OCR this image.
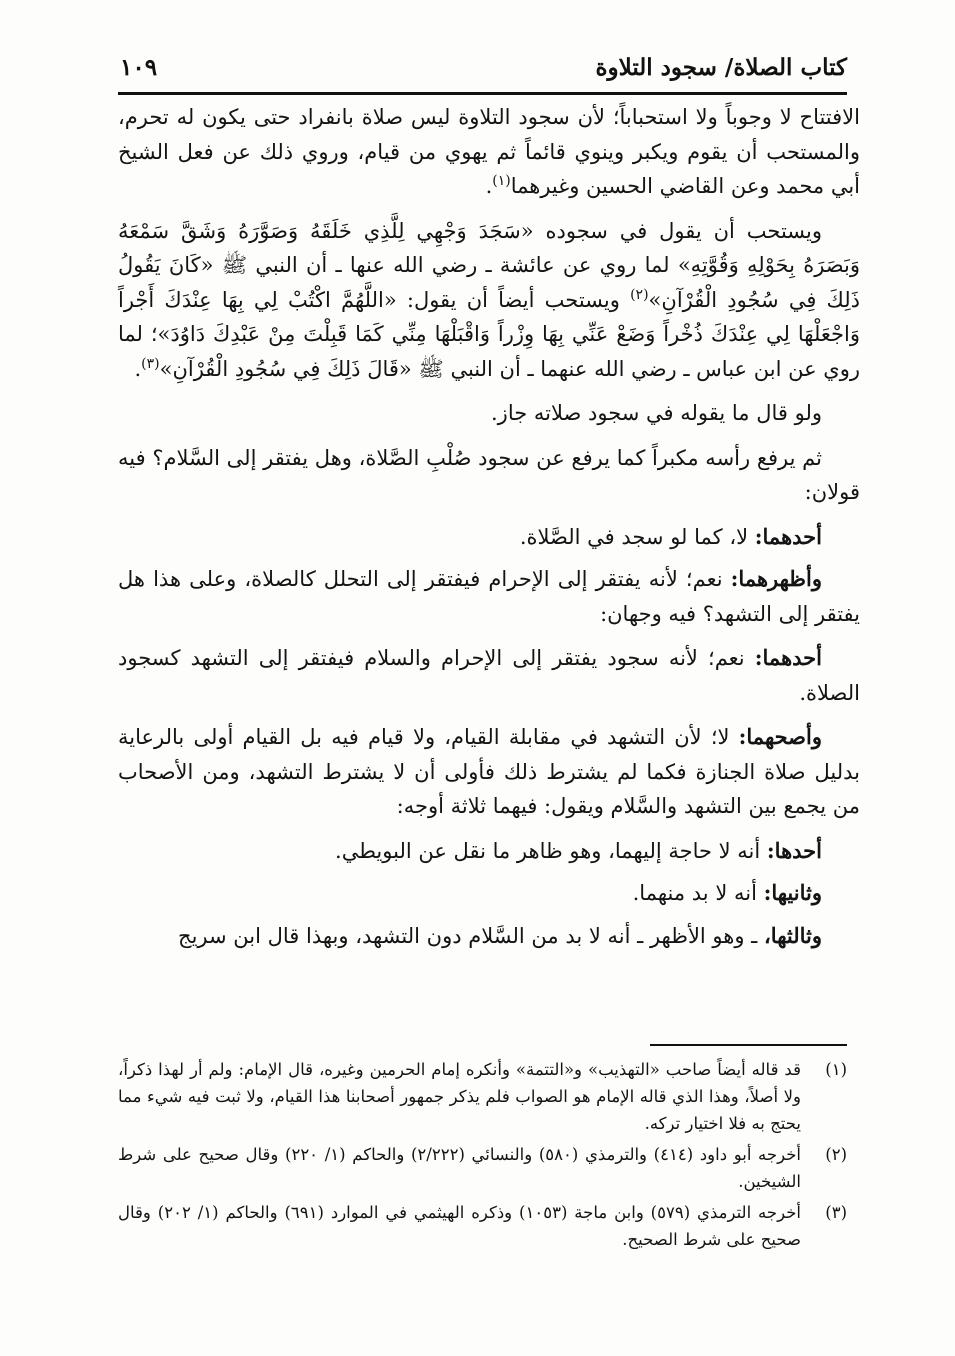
كتاب الصلاة/ سجود التلاوة
١٠٩

الافتتاح لا وجوباً ولا استحباباً؛ لأن سجود التلاوة ليس صلاة بانفراد حتى يكون له تحرم، والمستحب أن يقوم ويكبر وينوي قائماً ثم يهوي من قيام، وروي ذلك عن فعل الشيخ أبي محمد وعن القاضي الحسين وغيرهما$^{(١)}$.

ويستحب أن يقول في سجوده «سَجَدَ وَجْهِي لِلَّذِي خَلَقَهُ وَصَوَّرَهُ وَشَقَّ سَمْعَهُ وَبَصَرَهُ بِحَوْلِهِ وَقُوَّتِهِ» لما روي عن عائشة ـ رضي الله عنها ـ أن النبي ﷺ «كَانَ يَقُولُ ذَلِكَ فِي سُجُودِ الْقُرْآنِ»$^{(٢)}$ ويستحب أيضاً أن يقول: «اللَّهُمَّ اكْتُبْ لِي بِهَا عِنْدَكَ أَجْراً وَاجْعَلْهَا لِي عِنْدَكَ ذُخْراً وَضَعْ عَنِّي بِهَا وِزْراً وَاقْبَلْهَا مِنِّي كَمَا قَبِلْتَ مِنْ عَبْدِكَ دَاوُدَ»؛ لما روي عن ابن عباس ـ رضي الله عنهما ـ أن النبي ﷺ «قَالَ ذَلِكَ فِي سُجُودِ الْقُرْآنِ»$^{(٣)}$.

ولو قال ما يقوله في سجود صلاته جاز.

ثم يرفع رأسه مكبراً كما يرفع عن سجود صُلْبِ الصَّلاة، وهل يفتقر إلى السَّلام؟ فيه قولان:

أحدهما: لا، كما لو سجد في الصَّلاة.

وأظهرهما: نعم؛ لأنه يفتقر إلى الإحرام فيفتقر إلى التحلل كالصلاة، وعلى هذا هل يفتقر إلى التشهد؟ فيه وجهان:

أحدهما: نعم؛ لأنه سجود يفتقر إلى الإحرام والسلام فيفتقر إلى التشهد كسجود الصلاة.

وأصحهما: لا؛ لأن التشهد في مقابلة القيام، ولا قيام فيه بل القيام أولى بالرعاية بدليل صلاة الجنازة فكما لم يشترط ذلك فأولى أن لا يشترط التشهد، ومن الأصحاب من يجمع بين التشهد والسَّلام ويقول: فيهما ثلاثة أوجه:

أحدها: أنه لا حاجة إليهما، وهو ظاهر ما نقل عن البويطي.

وثانيها: أنه لا بد منهما.

وثالثها، ـ وهو الأظهر ـ أنه لا بد من السَّلام دون التشهد، وبهذا قال ابن سريج

(١)
قد قاله أيضاً صاحب «التهذيب» و«التتمة» وأنكره إمام الحرمين وغيره، قال الإمام: ولم أر لهذا ذكراً، ولا أصلاً، وهذا الذي قاله الإمام هو الصواب فلم يذكر جمهور أصحابنا هذا القيام، ولا ثبت فيه شيء مما يحتج به فلا اختيار تركه.
(٢)
أخرجه أبو داود (٤١٤) والترمذي (٥٨٠) والنسائي (٢/٢٢٢) والحاكم (١/ ٢٢٠) وقال صحيح على شرط الشيخين.
(٣)
أخرجه الترمذي (٥٧٩) وابن ماجة (١٠٥٣) وذكره الهيثمي في الموارد (٦٩١) والحاكم (١/ ٢٠٢) وقال صحيح على شرط الصحيح.
